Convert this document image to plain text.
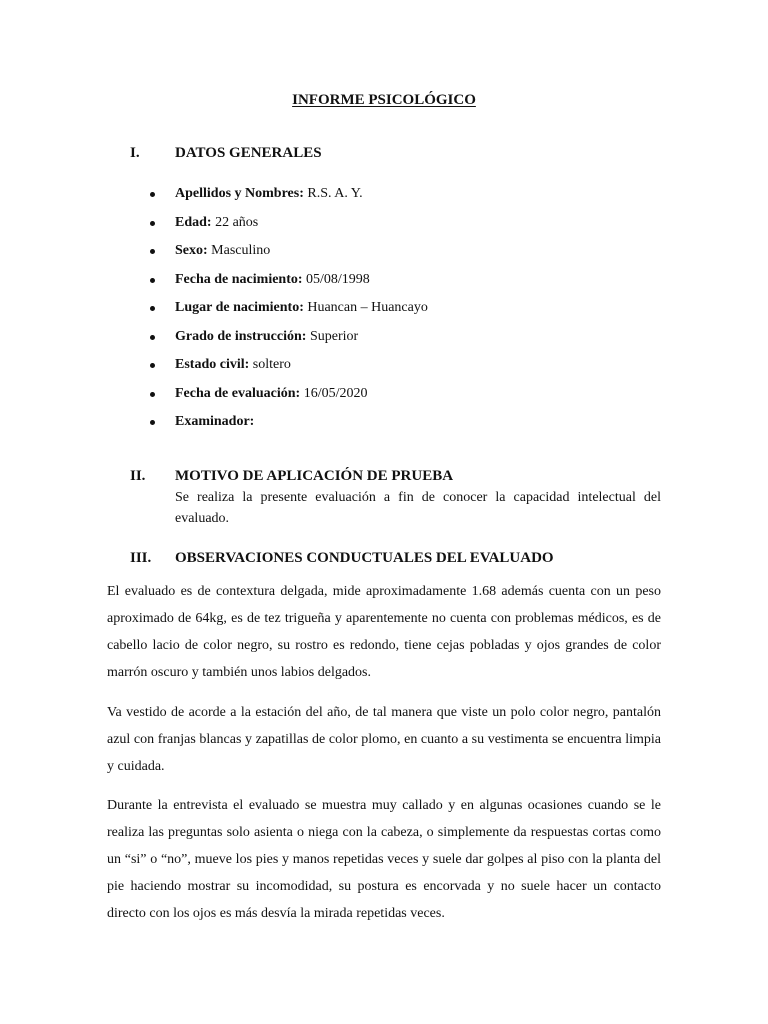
INFORME PSICOLÓGICO
I. DATOS GENERALES
Apellidos y Nombres: R.S. A. Y.
Edad: 22 años
Sexo: Masculino
Fecha de nacimiento: 05/08/1998
Lugar de nacimiento: Huancan – Huancayo
Grado de instrucción: Superior
Estado civil: soltero
Fecha de evaluación: 16/05/2020
Examinador:
II. MOTIVO DE APLICACIÓN DE PRUEBA
Se realiza la presente evaluación a fin de conocer la capacidad intelectual del evaluado.
III. OBSERVACIONES CONDUCTUALES DEL EVALUADO

El evaluado es de contextura delgada, mide aproximadamente 1.68 además cuenta con un peso aproximado de 64kg, es de tez trigueña y aparentemente no cuenta con problemas médicos, es de cabello lacio de color negro, su rostro es redondo, tiene cejas pobladas y ojos grandes de color marrón oscuro y también unos labios delgados.

Va vestido de acorde a la estación del año, de tal manera que viste un polo color negro, pantalón azul con franjas blancas y zapatillas de color plomo, en cuanto a su vestimenta se encuentra limpia y cuidada.

Durante la entrevista el evaluado se muestra muy callado y en algunas ocasiones cuando se le realiza las preguntas solo asienta o niega con la cabeza, o simplemente da respuestas cortas como un “si” o “no”, mueve los pies y manos repetidas veces y suele dar golpes al piso con la planta del pie haciendo mostrar su incomodidad, su postura es encorvada y no suele hacer un contacto directo con los ojos es más desvía la mirada repetidas veces.
